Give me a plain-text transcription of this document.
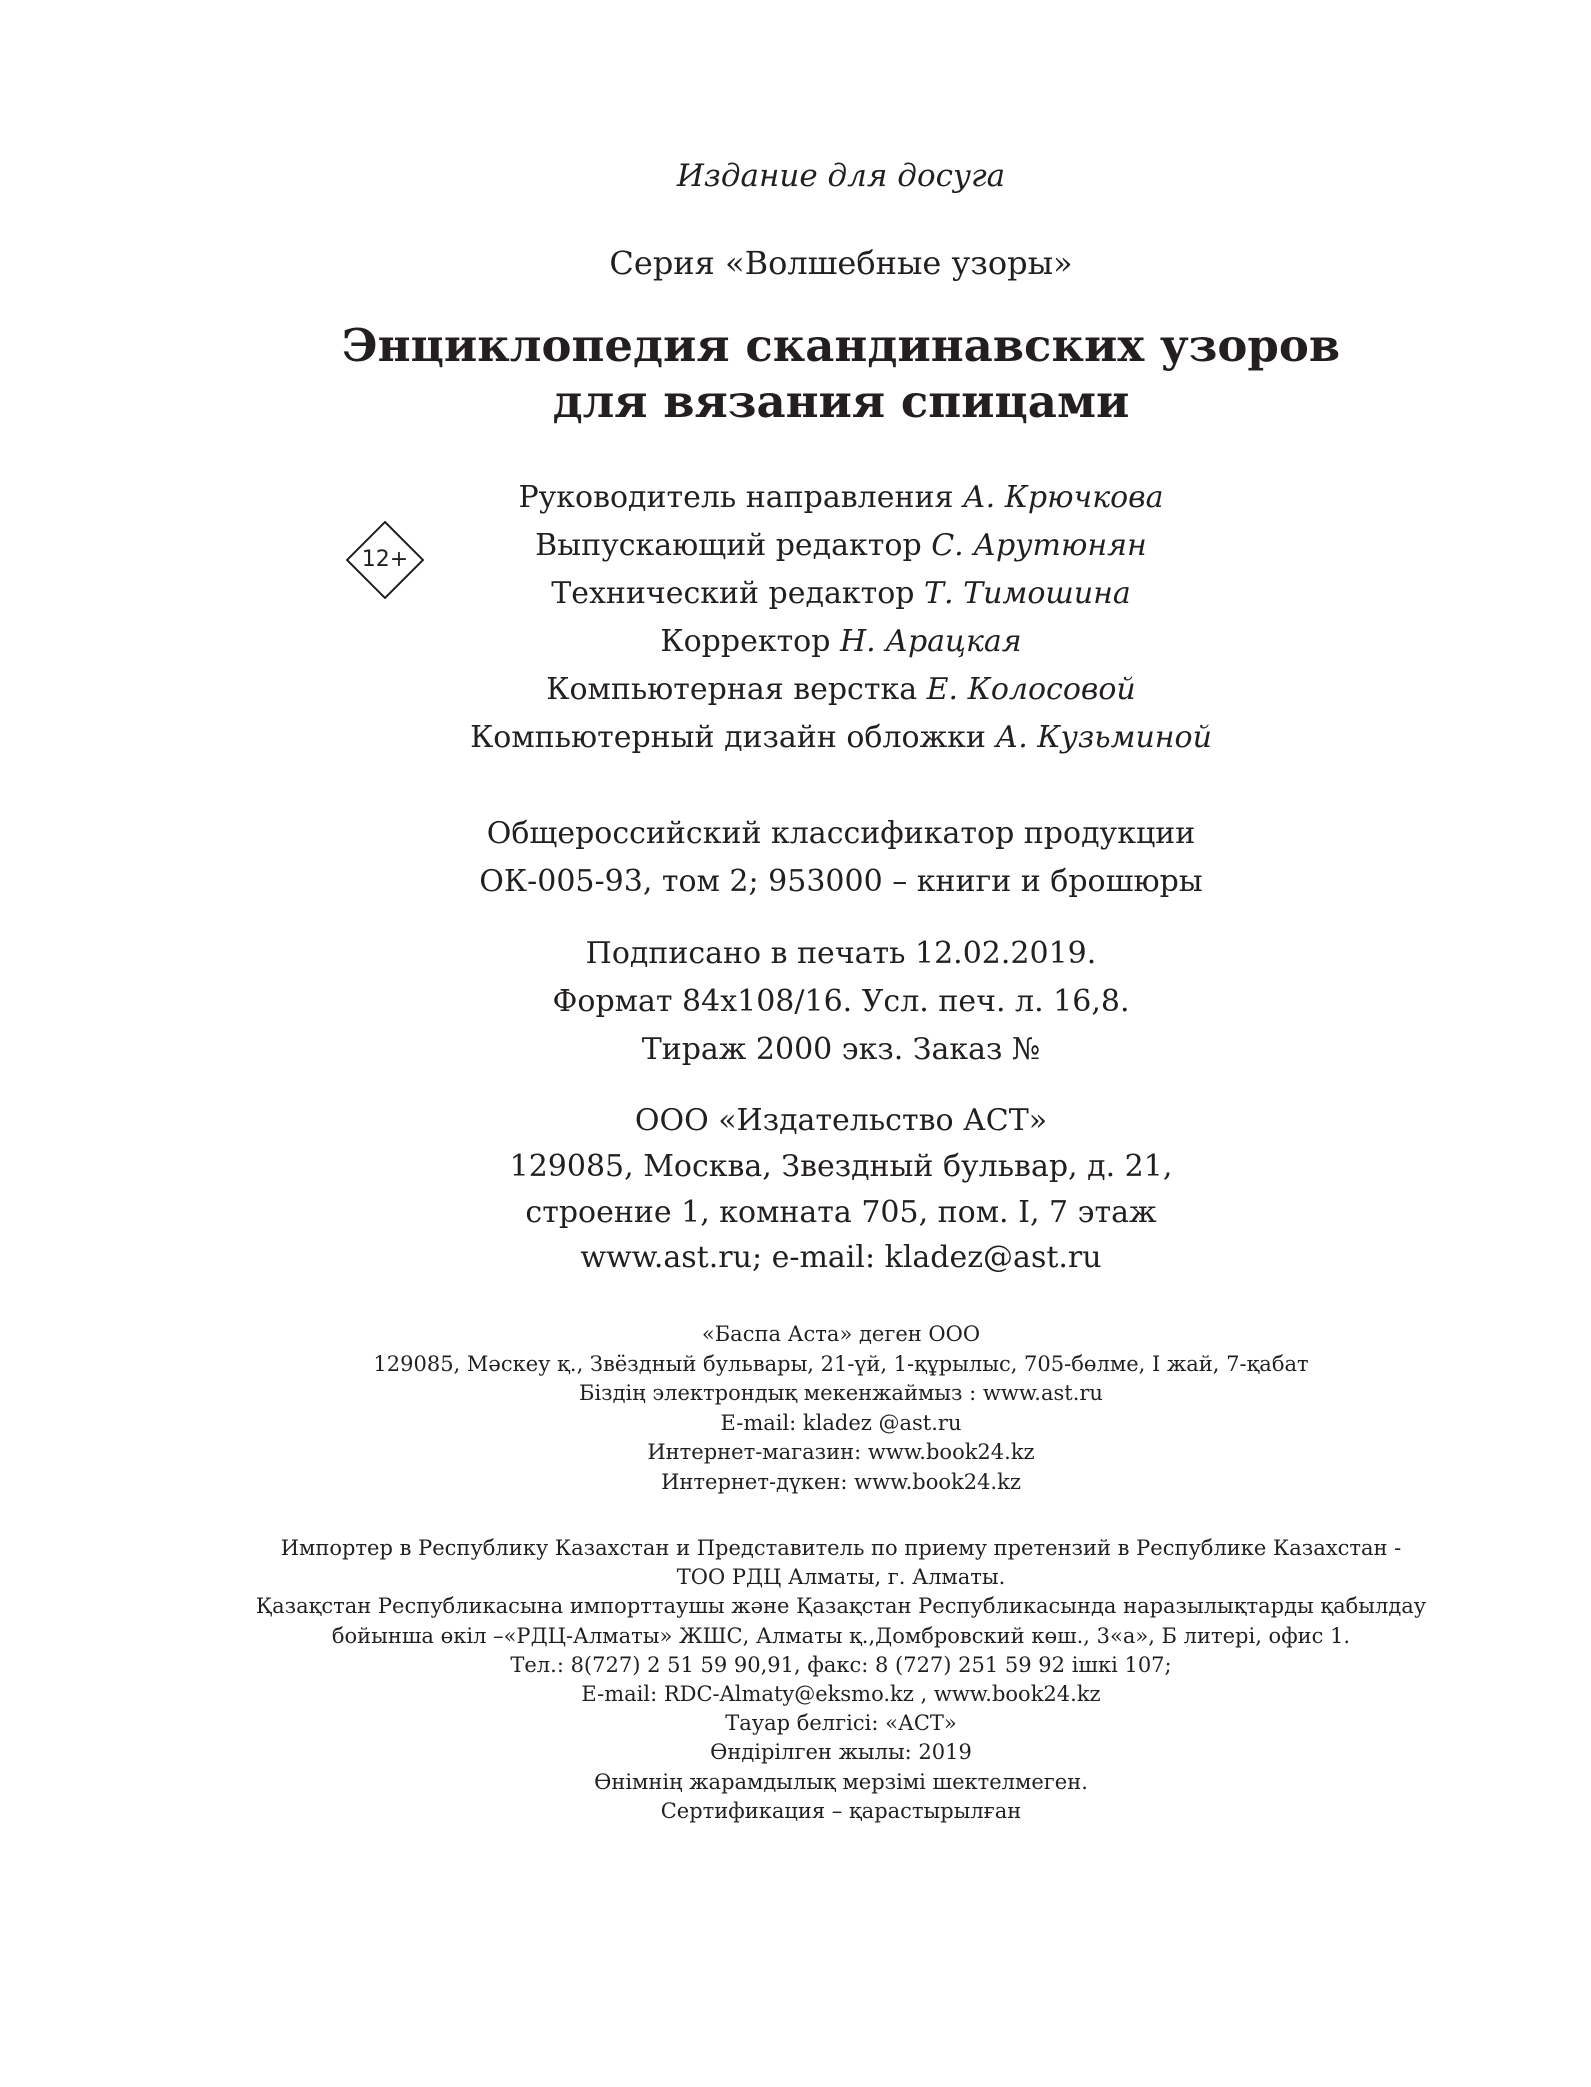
Издание для досуга
Серия «Волшебные узоры»
Энциклопедия скандинавских узоров
для вязания спицами
12+
Руководитель направления А. Крючкова
Выпускающий редактор С. Арутюнян
Технический редактор Т. Тимошина
Корректор Н. Арацкая
Компьютерная верстка Е. Колосовой
Компьютерный дизайн обложки А. Кузьминой
Общероссийский классификатор продукции
ОК-005-93, том 2; 953000 – книги и брошюры
Подписано в печать 12.02.2019.
Формат 84x108/16. Усл. печ. л. 16,8.
Тираж 2000 экз. Заказ №
ООО «Издательство АСТ»
129085, Москва, Звездный бульвар, д. 21,
строение 1, комната 705, пом. I, 7 этаж
www.ast.ru; e-mail: kladez@ast.ru
«Баспа Аста» деген ООО
129085, Мәскеу қ., Звёздный бульвары, 21-үй, 1-құрылыс, 705-бөлме, I жай, 7-қабат
Біздің электрондық мекенжаймыз : www.ast.ru
E-mail: kladez @ast.ru
Интернет-магазин: www.book24.kz
Интернет-дүкен: www.book24.kz
Импортер в Республику Казахстан и Представитель по приему претензий в Республике Казахстан -
ТОО РДЦ Алматы, г. Алматы.
Қазақстан Республикасына импорттаушы және Қазақстан Республикасында наразылықтарды қабылдау
бойынша өкіл –«РДЦ-Алматы» ЖШС, Алматы қ.,Домбровский көш., 3«а», Б литері, офис 1.
Тел.: 8(727) 2 51 59 90,91, факс: 8 (727) 251 59 92 ішкі 107;
E-mail: RDC-Almaty@eksmo.kz , www.book24.kz
Тауар белгісі: «АСТ»
Өндірілген жылы: 2019
Өнімнің жарамдылық мерзімі шектелмеген.
Сертификация – қарастырылған
